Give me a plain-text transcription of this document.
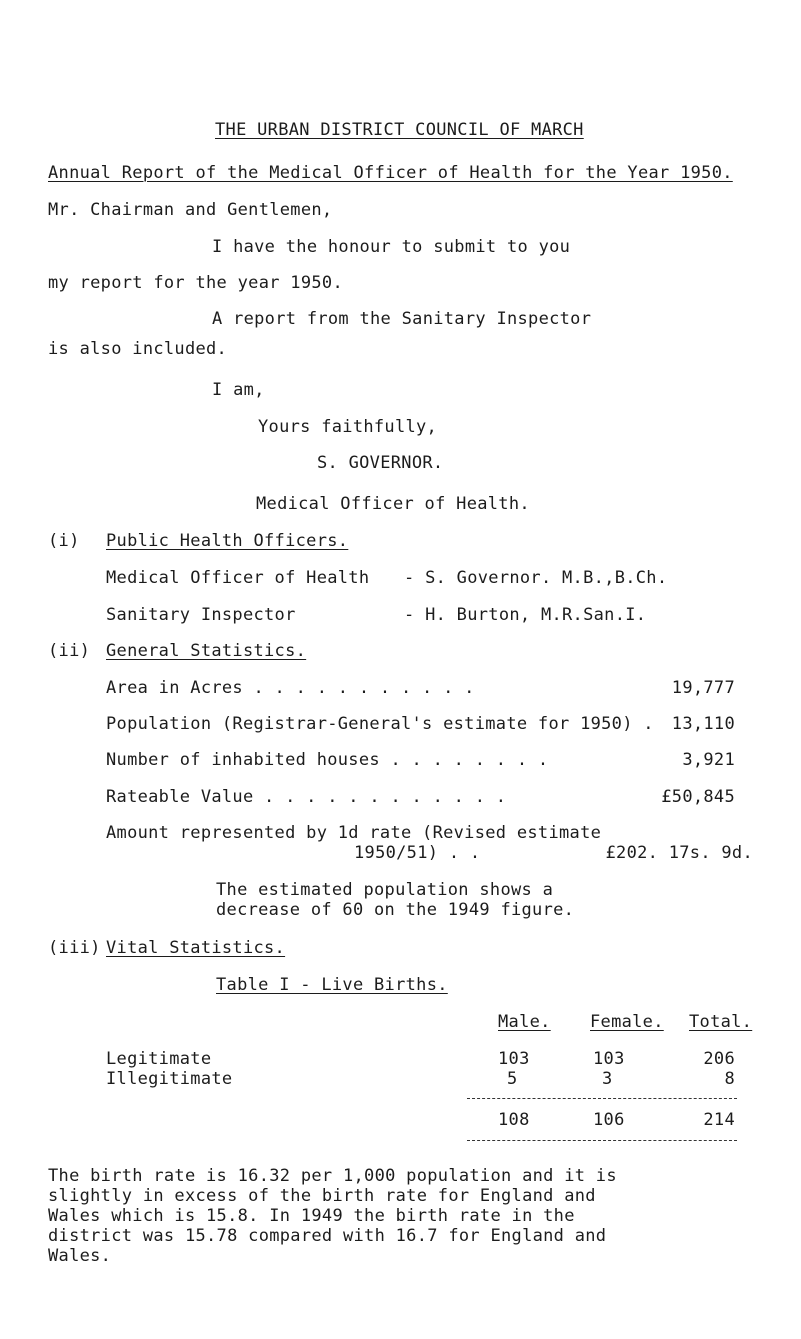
THE URBAN DISTRICT COUNCIL OF MARCH
Annual Report of the Medical Officer of Health for the Year 1950.
Mr. Chairman and Gentlemen,
I have the honour to submit to you
my report for the year 1950.
A report from the Sanitary Inspector
is also included.
I am,
Yours faithfully,
S. GOVERNOR.
Medical Officer of Health.
(i) Public Health Officers.
Medical Officer of Health - S. Governor. M.B.,B.Ch.
Sanitary Inspector	- H. Burton, M.R.San.I.
(ii) General Statistics.
Area in Acres . . . . . . . . . . .	19,777
Population (Registrar-General's estimate for 1950) . 13,110
Number of inhabited houses . . . . . . . .	3,921
Rateable Value . . . . . . . . . . . .	£50,845
Amount represented by 1d rate (Revised estimate
1950/51) . .	£202. 17s. 9d.
The estimated population shows a
decrease of 60 on the 1949 figure.
(iii) Vital Statistics.
Table I - Live Births.
Male. Female. Total.
Legitimate	103	103	206
Illegitimate	5	3	8
108	106	214
The birth rate is 16.32 per 1,000 population and it is
slightly in excess of the birth rate for England and
Wales which is 15.8. In 1949 the birth rate in the
district was 15.78 compared with 16.7 for England and
Wales.
